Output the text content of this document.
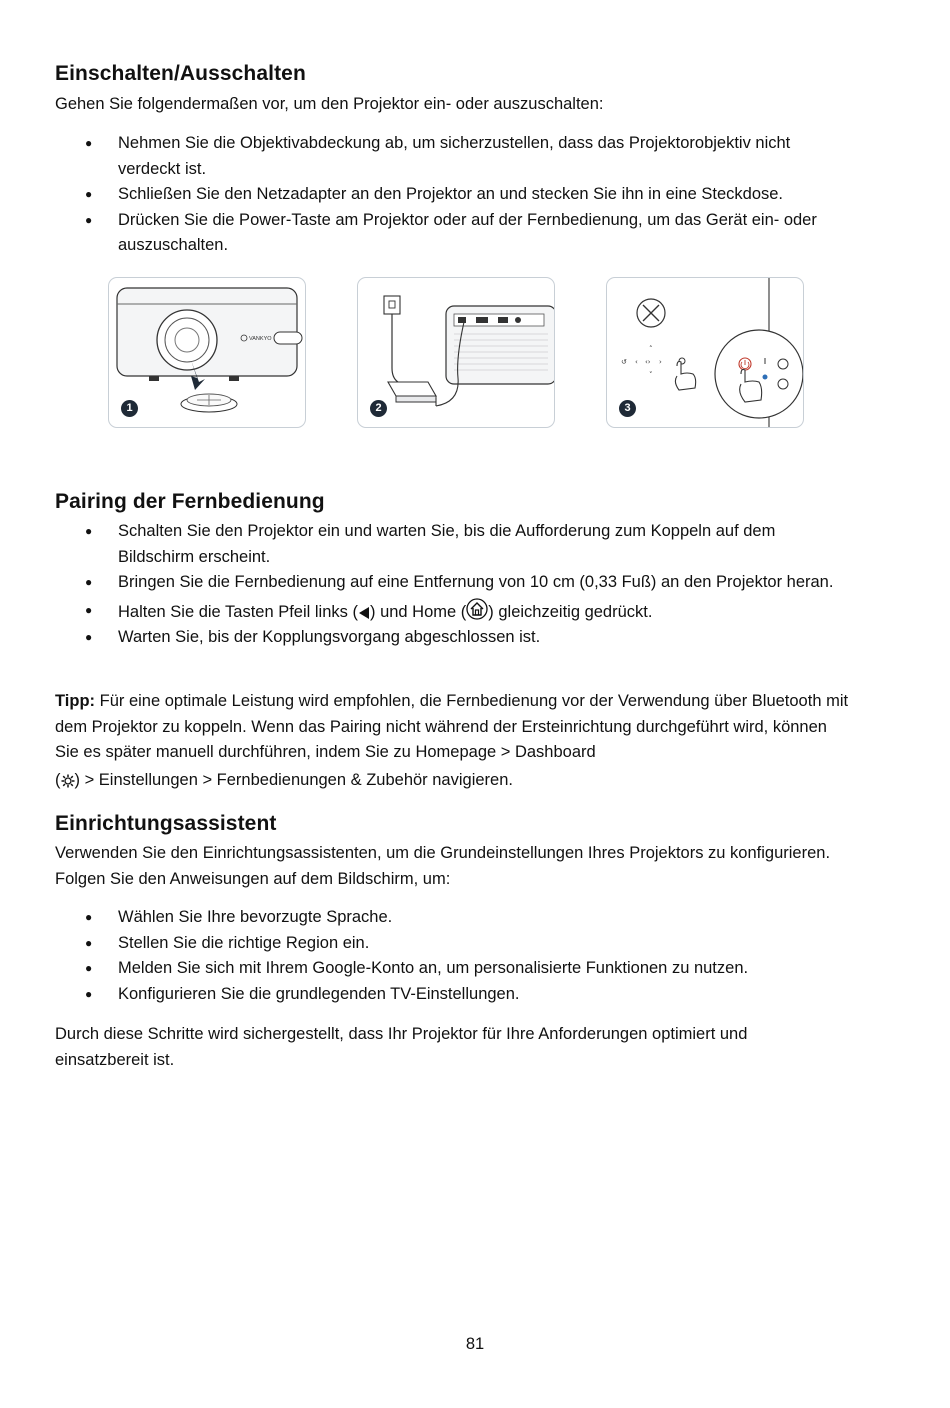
Einschalten/Ausschalten

Gehen Sie folgendermaßen vor, um den Projektor ein- oder auszuschalten:

● Nehmen Sie die Objektivabdeckung ab, um sicherzustellen, dass das Projektorobjektiv nicht verdeckt ist.
● Schließen Sie den Netzadapter an den Projektor an und stecken Sie ihn in eine Steckdose.
● Drücken Sie die Power-Taste am Projektor oder auf der Fernbedienung, um das Gerät ein- oder auszuschalten.
Pairing der Fernbedienung
● Schalten Sie den Projektor ein und warten Sie, bis die Aufforderung zum Koppeln auf dem Bildschirm erscheint.
● Bringen Sie die Fernbedienung auf eine Entfernung von 10 cm (0,33 Fuß) an den Projektor heran.
● Halten Sie die Tasten Pfeil links ( ) und Home ( ) gleichzeitig gedrückt.
● Warten Sie, bis der Kopplungsvorgang abgeschlossen ist.

Tipp: Für eine optimale Leistung wird empfohlen, die Fernbedienung vor der Verwendung über Bluetooth mit dem Projektor zu koppeln. Wenn das Pairing nicht während der Ersteinrichtung durchgeführt wird, können Sie es später manuell durchführen, indem Sie zu Homepage > Dashboard

( ) > Einstellungen > Fernbedienungen & Zubehör navigieren.

Einrichtungsassistent

Verwenden Sie den Einrichtungsassistenten, um die Grundeinstellungen Ihres Projektors zu konfigurieren. Folgen Sie den Anweisungen auf dem Bildschirm, um:

● Wählen Sie Ihre bevorzugte Sprache.
● Stellen Sie die richtige Region ein.
● Melden Sie sich mit Ihrem Google-Konto an, um personalisierte Funktionen zu nutzen.
● Konfigurieren Sie die grundlegenden TV-Einstellungen.

Durch diese Schritte wird sichergestellt, dass Ihr Projektor für Ihre Anforderungen optimiert und einsatzbereit ist.

VANKYO
1	2
↺ ‹ ‹› ›
˄
˅
3
81
